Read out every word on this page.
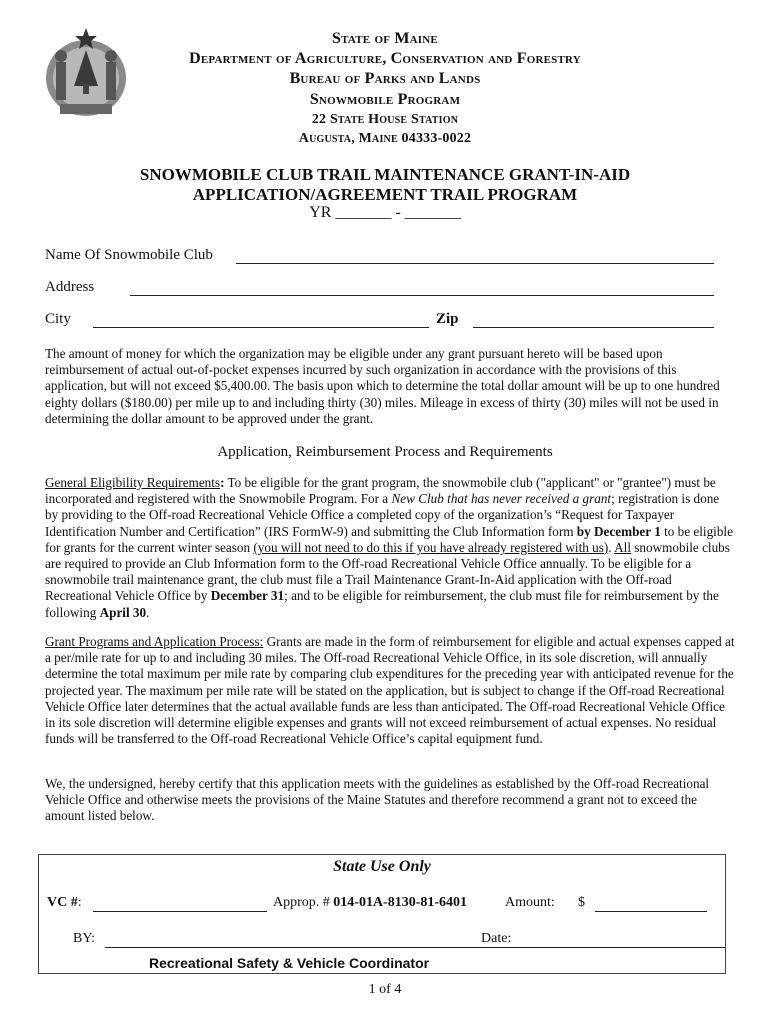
State of Maine
Department of Agriculture, Conservation and Forestry
Bureau of Parks and Lands
Snowmobile Program
22 State House Station
Augusta, Maine 04333-0022
SNOWMOBILE CLUB TRAIL MAINTENANCE GRANT-IN-AID
APPLICATION/AGREEMENT TRAIL PROGRAM
YR _______ - _______
Name Of Snowmobile Club
Address
City	Zip

The amount of money for which the organization may be eligible under any grant pursuant hereto will be based upon reimbursement of actual out-of-pocket expenses incurred by such organization in accordance with the provisions of this application, but will not exceed $5,400.00. The basis upon which to determine the total dollar amount will be up to one hundred eighty dollars ($180.00) per mile up to and including thirty (30) miles. Mileage in excess of thirty (30) miles will not be used in determining the dollar amount to be approved under the grant.

Application, Reimbursement Process and Requirements

General Eligibility Requirements: To be eligible for the grant program, the snowmobile club ("applicant" or "grantee") must be incorporated and registered with the Snowmobile Program. For a New Club that has never received a grant; registration is done by providing to the Off-road Recreational Vehicle Office a completed copy of the organization’s “Request for Taxpayer Identification Number and Certification” (IRS FormW-9) and submitting the Club Information form by December 1 to be eligible for grants for the current winter season (you will not need to do this if you have already registered with us). All snowmobile clubs are required to provide an Club Information form to the Off-road Recreational Vehicle Office annually. To be eligible for a snowmobile trail maintenance grant, the club must file a Trail Maintenance Grant-In-Aid application with the Off-road Recreational Vehicle Office by December 31; and to be eligible for reimbursement, the club must file for reimbursement by the following April 30.

Grant Programs and Application Process: Grants are made in the form of reimbursement for eligible and actual expenses capped at a per/mile rate for up to and including 30 miles. The Off-road Recreational Vehicle Office, in its sole discretion, will annually determine the total maximum per mile rate by comparing club expenditures for the preceding year with anticipated revenue for the projected year. The maximum per mile rate will be stated on the application, but is subject to change if the Off-road Recreational Vehicle Office later determines that the actual available funds are less than anticipated. The Off-road Recreational Vehicle Office in its sole discretion will determine eligible expenses and grants will not exceed reimbursement of actual expenses. No residual funds will be transferred to the Off-road Recreational Vehicle Office’s capital equipment fund.

We, the undersigned, hereby certify that this application meets with the guidelines as established by the Off-road Recreational Vehicle Office and otherwise meets the provisions of the Maine Statutes and therefore recommend a grant not to exceed the amount listed below.

State Use Only
VC #:	Approp. # 014-01A-8130-81-6401	Amount: $
BY:	Date:
Recreational Safety & Vehicle Coordinator
1 of 4
